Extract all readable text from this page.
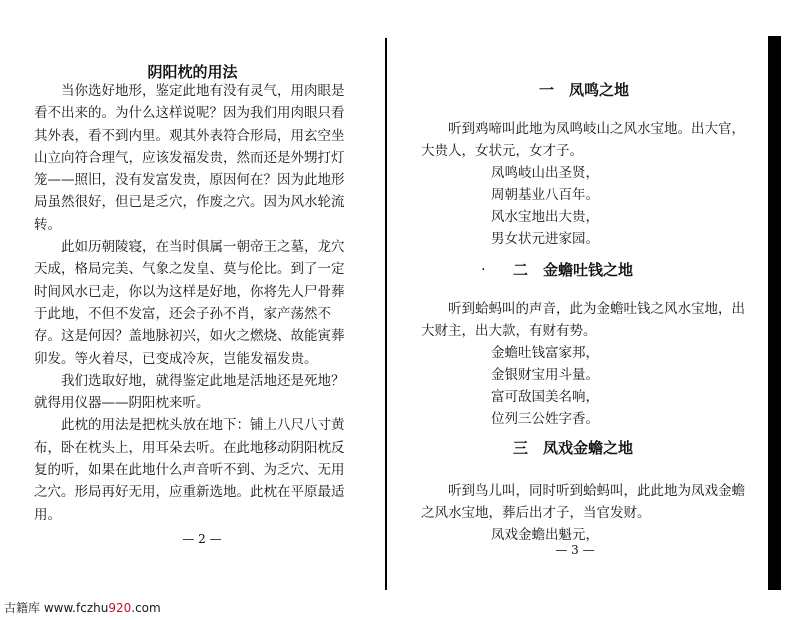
阴阳枕的用法

当你选好地形，鉴定此地有没有灵气，用肉眼是看不出来的。为什么这样说呢？因为我们用肉眼只看其外表，看不到内里。观其外表符合形局，用玄空坐山立向符合理气，应该发福发贵，然而还是外甥打灯笼——照旧，没有发富发贵，原因何在？因为此地形局虽然很好，但已是乏穴，作废之穴。因为风水轮流转。

此如历朝陵寝，在当时俱属一朝帝王之墓，龙穴天成，格局完美、气象之发皇、莫与伦比。到了一定时间风水已走，你以为这样是好地，你将先人尸骨葬于此地，不但不发富，还会子孙不肖，家产荡然不存。这是何因？盖地脉初兴，如火之燃烧、故能寅葬卯发。等火着尽，已变成冷灰，岂能发福发贵。

我们选取好地，就得鉴定此地是活地还是死地？就得用仪器——阴阳枕来听。

此枕的用法是把枕头放在地下：铺上八尺八寸黄布，卧在枕头上，用耳朵去听。在此地移动阴阳枕反复的听，如果在此地什么声音听不到、为乏穴、无用之穴。形局再好无用，应重新选地。此枕在平原最适用。

— 2 —
一　凤鸣之地

听到鸡啼叫此地为凤鸣岐山之风水宝地。出大官，大贵人，女状元，女才子。

凤鸣岐山出圣贤，
周朝基业八百年。
风水宝地出大贵，
男女状元进家园。
· 二　金蟾吐钱之地

听到蛤蚂叫的声音，此为金蟾吐钱之风水宝地，出大财主，出大款，有财有势。

金蟾吐钱富家邦，
金银财宝用斗量。
富可敌国美名响，
位列三公姓字香。
三　凤戏金蟾之地

听到鸟儿叫，同时听到蛤蚂叫，此此地为凤戏金蟾之风水宝地，葬后出才子，当官发财。

凤戏金蟾出魁元，
— 3 —
古籍库 www.fczhu920.com
